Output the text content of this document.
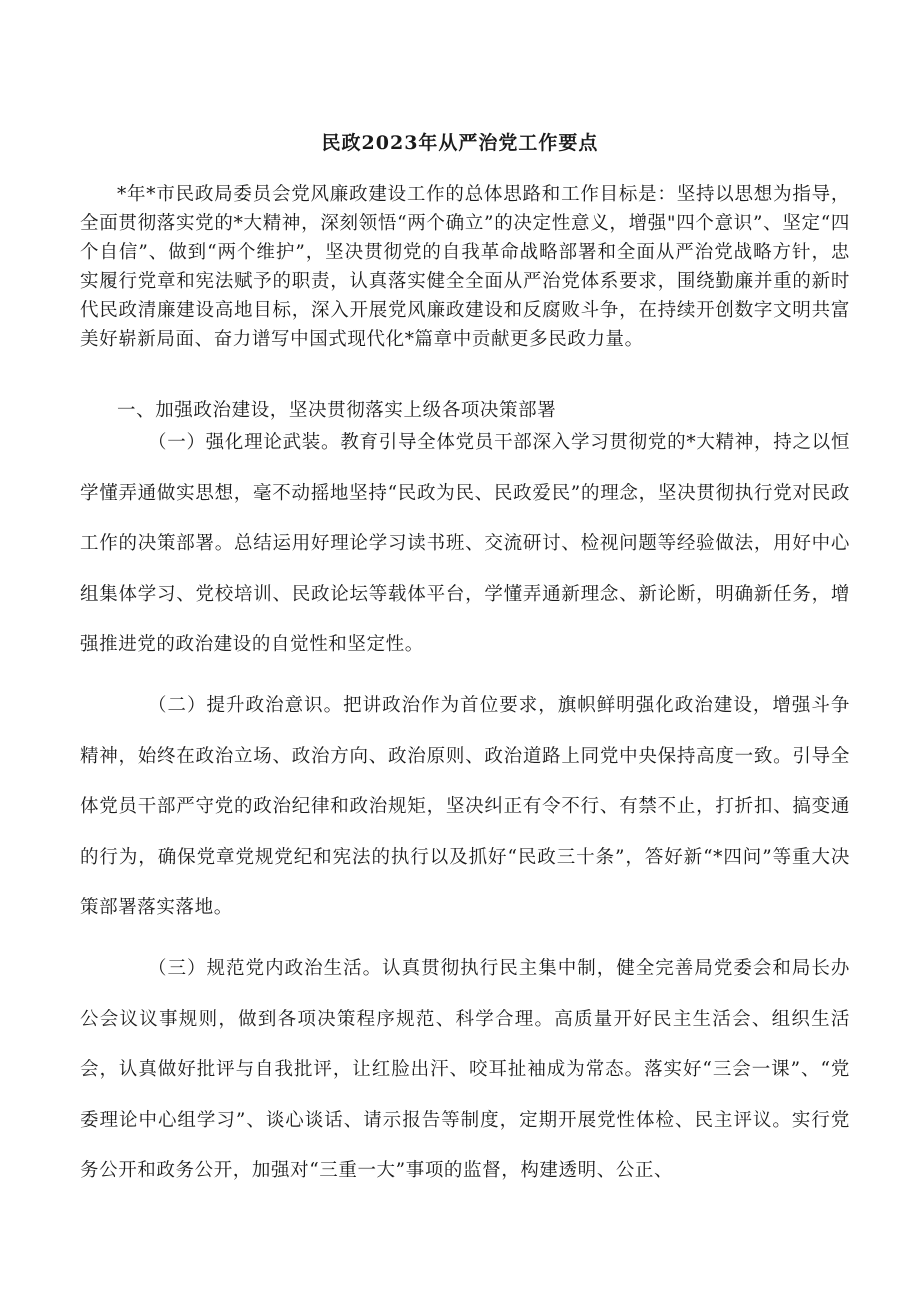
民政2023年从严治党工作要点

*年*市民政局委员会党风廉政建设工作的总体思路和工作目标是：坚持以思想为指导，全面贯彻落实党的*大精神，深刻领悟“两个确立”的决定性意义，增强"四个意识”、坚定“四个自信”、做到“两个维护”，坚决贯彻党的自我革命战略部署和全面从严治党战略方针，忠实履行党章和宪法赋予的职责，认真落实健全全面从严治党体系要求，围绕勤廉并重的新时代民政清廉建设高地目标，深入开展党风廉政建设和反腐败斗争，在持续开创数字文明共富美好崭新局面、奋力谱写中国式现代化*篇章中贡献更多民政力量。

一、加强政治建设，坚决贯彻落实上级各项决策部署

（一）强化理论武装。教育引导全体党员干部深入学习贯彻党的*大精神，持之以恒学懂弄通做实思想，毫不动摇地坚持“民政为民、民政爱民”的理念，坚决贯彻执行党对民政工作的决策部署。总结运用好理论学习读书班、交流研讨、检视问题等经验做法，用好中心组集体学习、党校培训、民政论坛等载体平台，学懂弄通新理念、新论断，明确新任务，增强推进党的政治建设的自觉性和坚定性。

（二）提升政治意识。把讲政治作为首位要求，旗帜鲜明强化政治建设，增强斗争精神，始终在政治立场、政治方向、政治原则、政治道路上同党中央保持高度一致。引导全体党员干部严守党的政治纪律和政治规矩，坚决纠正有令不行、有禁不止，打折扣、搞变通的行为，确保党章党规党纪和宪法的执行以及抓好“民政三十条”，答好新“*四问”等重大决策部署落实落地。

（三）规范党内政治生活。认真贯彻执行民主集中制，健全完善局党委会和局长办公会议议事规则，做到各项决策程序规范、科学合理。高质量开好民主生活会、组织生活会，认真做好批评与自我批评，让红脸出汗、咬耳扯袖成为常态。落实好“三会一课”、“党委理论中心组学习”、谈心谈话、请示报告等制度，定期开展党性体检、民主评议。实行党务公开和政务公开，加强对“三重一大”事项的监督，构建透明、公正、
